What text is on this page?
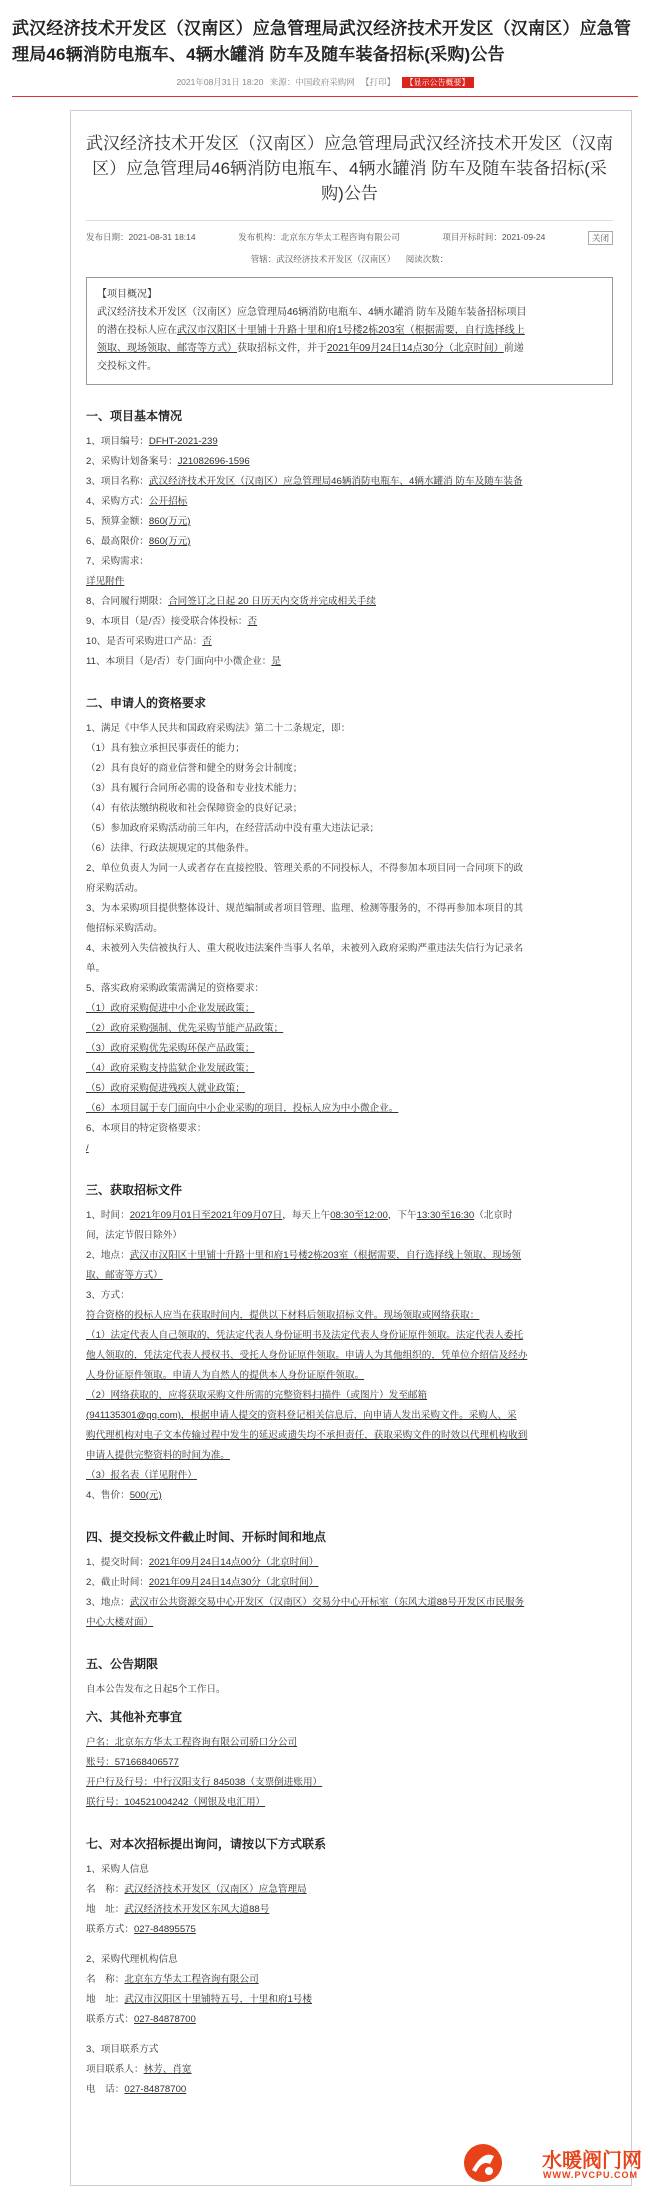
武汉经济技术开发区（汉南区）应急管理局武汉经济技术开发区（汉南区）应急管理局46辆消防电瓶车、4辆水罐消 防车及随车装备招标(采购)公告
2021年08月31日 18:20 来源：中国政府采购网 【打印】 【显示公告概要】
武汉经济技术开发区（汉南区）应急管理局武汉经济技术开发区（汉南区）应急管理局46辆消防电瓶车、4辆水罐消 防车及随车装备招标(采购)公告
发布日期：2021-08-31 18:14	发布机构：北京东方华太工程咨询有限公司	项目开标时间：2021-09-24	关闭
管辖：武汉经济技术开发区（汉南区） 阅读次数：
【项目概况】
武汉经济技术开发区（汉南区）应急管理局46辆消防电瓶车、4辆水罐消 防车及随车装备招标项目
的潜在投标人应在武汉市汉阳区十里铺十升路十里和府1号楼2栋203室（根据需要，自行选择线上
领取、现场领取、邮寄等方式）获取招标文件，并于2021年09月24日14点30分（北京时间）前递
交投标文件。
一、项目基本情况
1、项目编号：DFHT-2021-239
2、采购计划备案号：J21082696-1596
3、项目名称：武汉经济技术开发区（汉南区）应急管理局46辆消防电瓶车、4辆水罐消 防车及随车装备
4、采购方式：公开招标
5、预算金额：860(万元)
6、最高限价：860(万元)
7、采购需求：
详见附件
8、合同履行期限：合同签订之日起 20 日历天内交货并完成相关手续
9、本项目（是/否）接受联合体投标：否
10、是否可采购进口产品：否
11、本项目（是/否）专门面向中小微企业：是
二、申请人的资格要求
1、满足《中华人民共和国政府采购法》第二十二条规定，即：
（1）具有独立承担民事责任的能力；
（2）具有良好的商业信誉和健全的财务会计制度；
（3）具有履行合同所必需的设备和专业技术能力；
（4）有依法缴纳税收和社会保障资金的良好记录；
（5）参加政府采购活动前三年内，在经营活动中没有重大违法记录；
（6）法律、行政法规规定的其他条件。
2、单位负责人为同一人或者存在直接控股、管理关系的不同投标人，不得参加本项目同一合同项下的政
府采购活动。
3、为本采购项目提供整体设计、规范编制或者项目管理、监理、检测等服务的，不得再参加本项目的其
他招标采购活动。
4、未被列入失信被执行人、重大税收违法案件当事人名单，未被列入政府采购严重违法失信行为记录名
单。
5、落实政府采购政策需满足的资格要求：
（1）政府采购促进中小企业发展政策；
（2）政府采购强制、优先采购节能产品政策；
（3）政府采购优先采购环保产品政策；
（4）政府采购支持监狱企业发展政策；
（5）政府采购促进残疾人就业政策；
（6）本项目属于专门面向中小企业采购的项目，投标人应为中小微企业。
6、本项目的特定资格要求：
/
三、获取招标文件
1、时间：2021年09月01日至2021年09月07日，每天上午08:30至12:00，下午13:30至16:30（北京时
间，法定节假日除外）
2、地点：武汉市汉阳区十里铺十升路十里和府1号楼2栋203室（根据需要，自行选择线上领取、现场领
取、邮寄等方式）
3、方式：
符合资格的投标人应当在获取时间内，提供以下材料后领取招标文件。现场领取或网络获取：
（1）法定代表人自己领取的，凭法定代表人身份证明书及法定代表人身份证原件领取。法定代表人委托
他人领取的，凭法定代表人授权书、受托人身份证原件领取。申请人为其他组织的，凭单位介绍信及经办
人身份证原件领取。申请人为自然人的提供本人身份证原件领取。
（2）网络获取的，应将获取采购文件所需的完整资料扫描件（或图片）发至邮箱
(941135301@qq.com)，根据申请人提交的资料登记相关信息后，向申请人发出采购文件。采购人、采
购代理机构对电子文本传输过程中发生的延迟或遗失均不承担责任，获取采购文件的时效以代理机构收到
申请人提供完整资料的时间为准。
（3）报名表（详见附件）
4、售价：500(元)
四、提交投标文件截止时间、开标时间和地点
1、提交时间：2021年09月24日14点00分（北京时间）
2、截止时间：2021年09月24日14点30分（北京时间）
3、地点：武汉市公共资源交易中心开发区（汉南区）交易分中心开标室（东风大道88号开发区市民服务
中心大楼对面）
五、公告期限
自本公告发布之日起5个工作日。
六、其他补充事宜
户名：北京东方华太工程咨询有限公司骄口分公司
账号：571668406577
开户行及行号：中行汉阳支行 845038（支票倒进账用）
联行号：104521004242（网银及电汇用）
七、对本次招标提出询问，请按以下方式联系
1、采购人信息
名　称：武汉经济技术开发区（汉南区）应急管理局
地　址：武汉经济技术开发区东风大道88号
联系方式：027-84895575
2、采购代理机构信息
名　称：北京东方华太工程咨询有限公司
地　址：武汉市汉阳区十里铺特五号，十里和府1号楼
联系方式：027-84878700
3、项目联系方式
项目联系人：林芳、肖宽
电　话：027-84878700
水暖阀门网
WWW.PVCPU.COM
